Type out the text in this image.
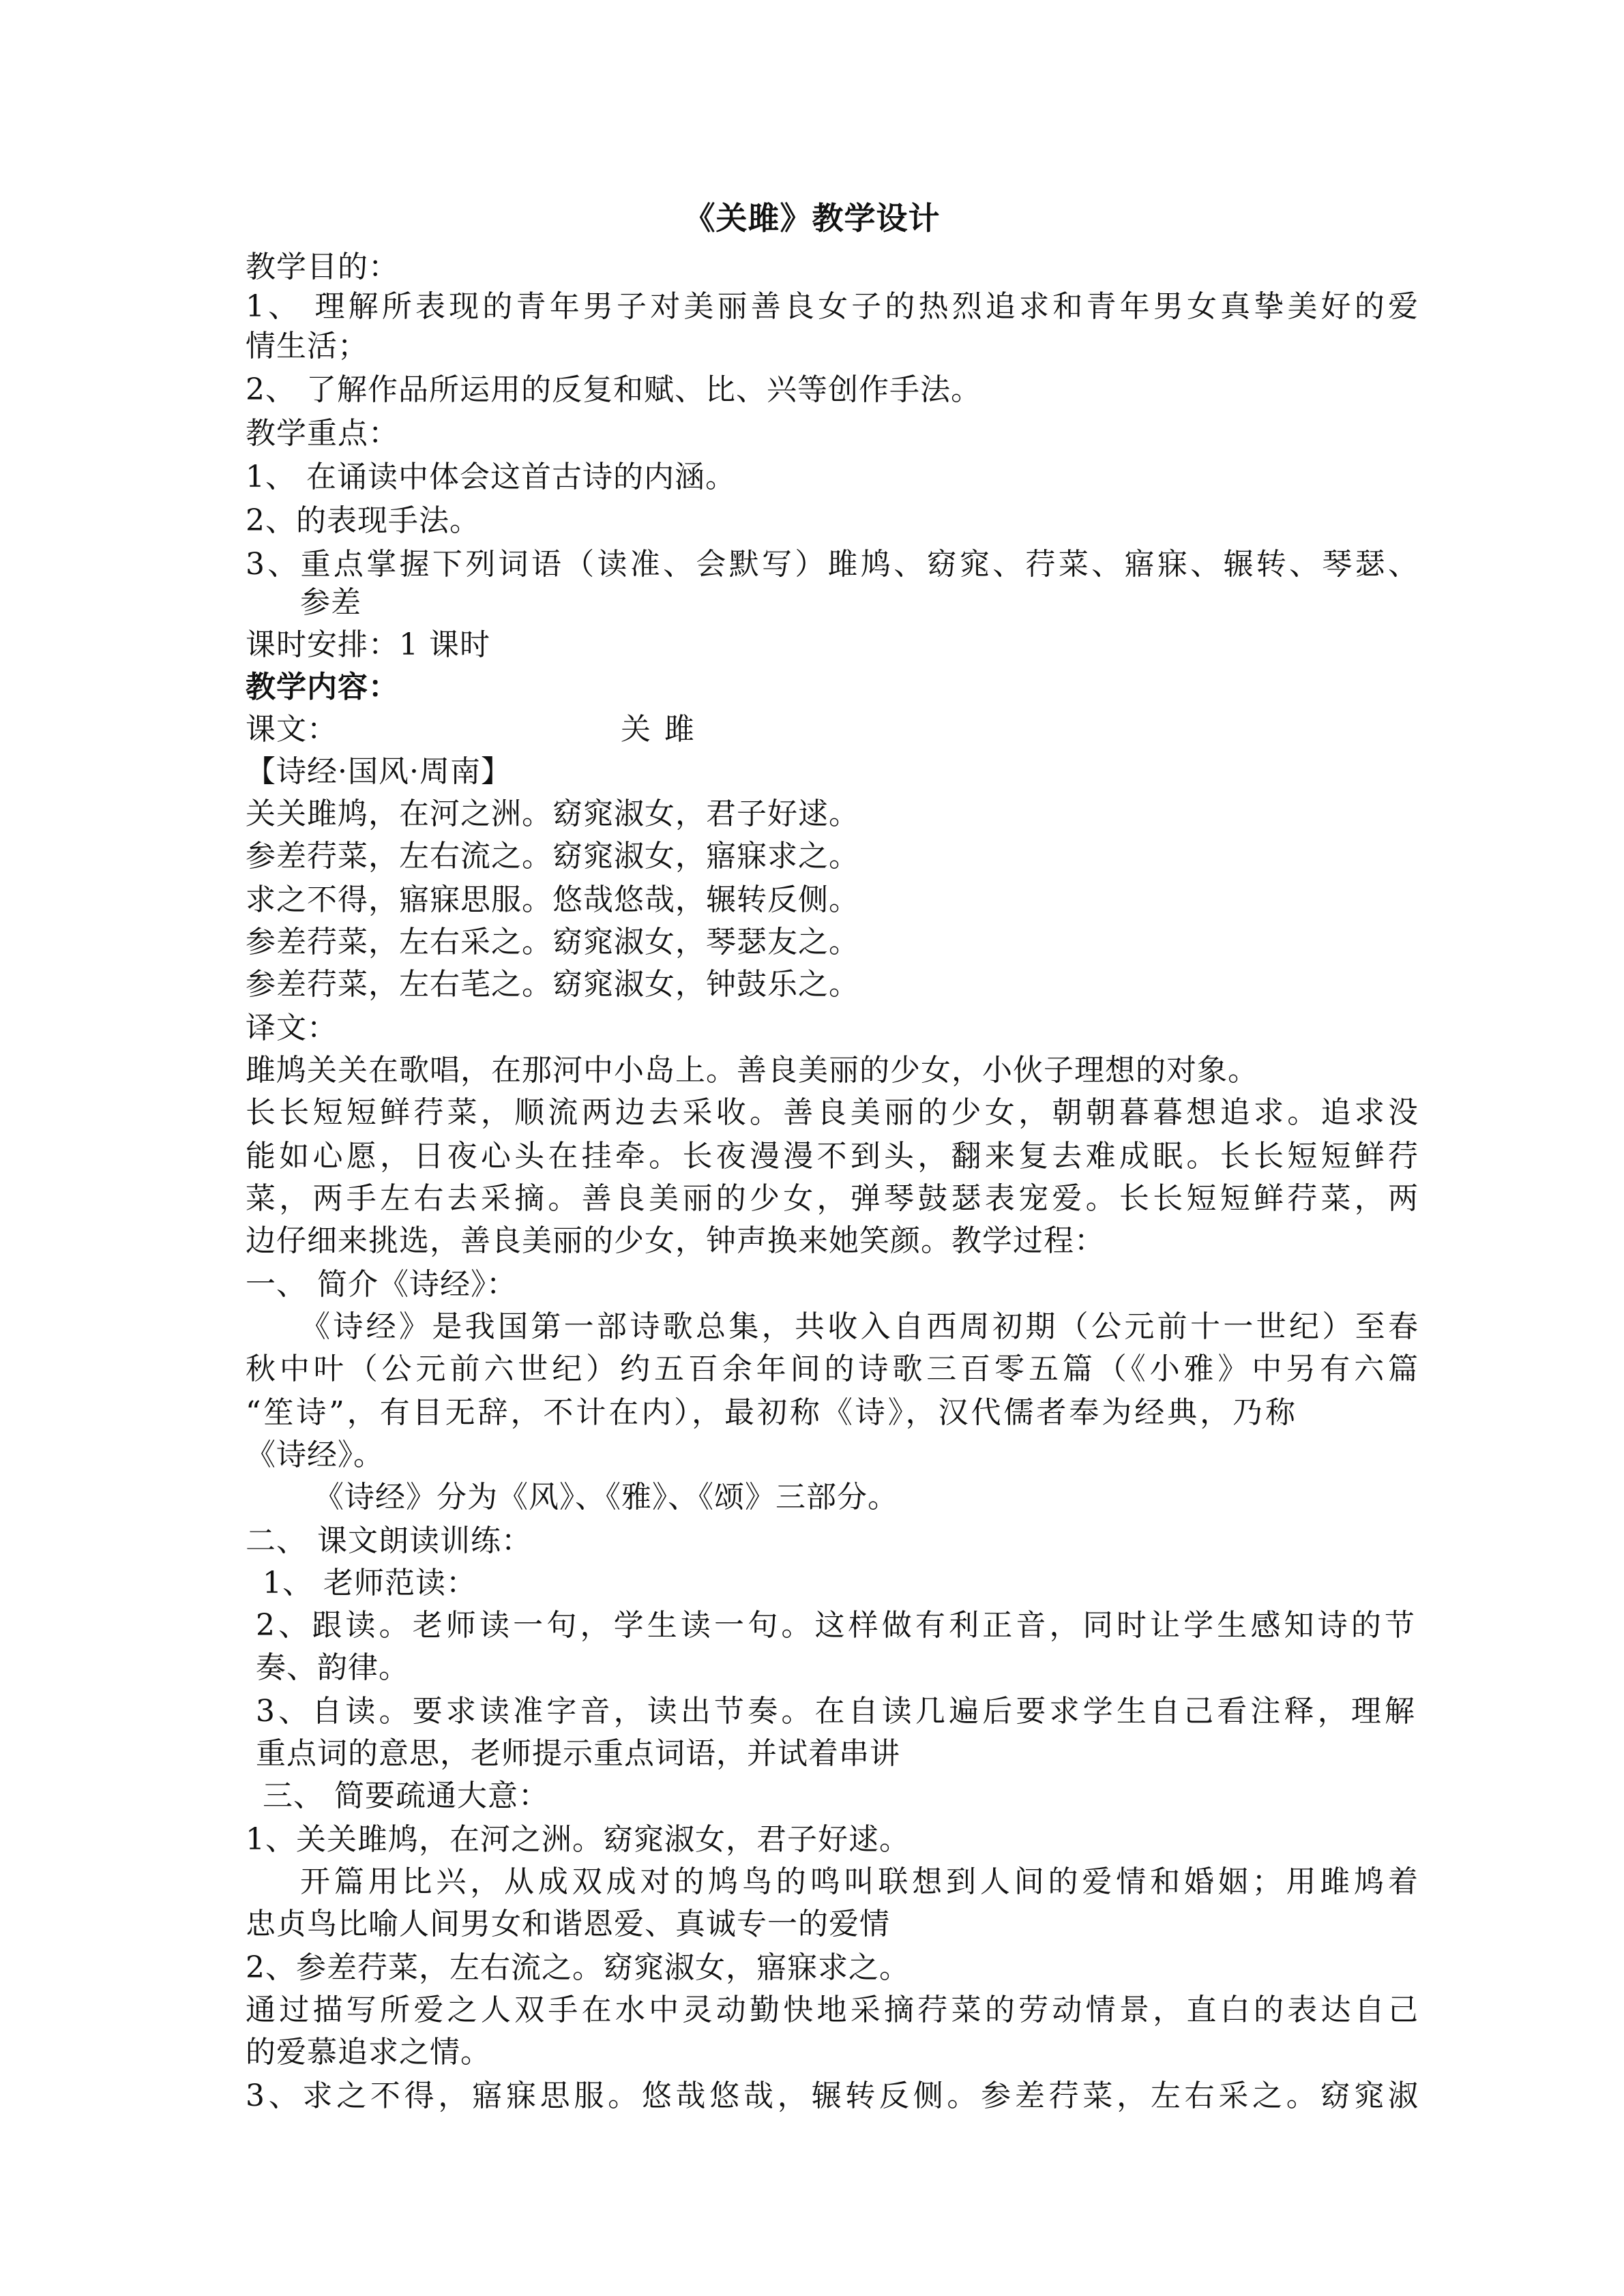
《关雎》教学设计
教学目的：
1、 理解所表现的青年男子对美丽善良女子的热烈追求和青年男女真挚美好的爱
情生活；
2、 了解作品所运用的反复和赋、比、兴等创作手法。
教学重点：
1、 在诵读中体会这首古诗的内涵。
2、的表现手法。
3、重点掌握下列词语（读准、会默写）雎鸠、窈窕、荇菜、寤寐、辗转、琴瑟、
参差
课时安排：1 课时
教学内容：
课文：	关雎
【诗经·国风·周南】
关关雎鸠，在河之洲。窈窕淑女，君子好逑。
参差荇菜，左右流之。窈窕淑女，寤寐求之。
求之不得，寤寐思服。悠哉悠哉，辗转反侧。
参差荇菜，左右采之。窈窕淑女，琴瑟友之。
参差荇菜，左右芼之。窈窕淑女，钟鼓乐之。
译文：
雎鸠关关在歌唱，在那河中小岛上。善良美丽的少女，小伙子理想的对象。
长长短短鲜荇菜，顺流两边去采收。善良美丽的少女，朝朝暮暮想追求。追求没
能如心愿，日夜心头在挂牵。长夜漫漫不到头，翻来复去难成眠。长长短短鲜荇
菜，两手左右去采摘。善良美丽的少女，弹琴鼓瑟表宠爱。长长短短鲜荇菜，两
边仔细来挑选，善良美丽的少女，钟声换来她笑颜。教学过程：
一、 简介《诗经》：
《诗经》是我国第一部诗歌总集，共收入自西周初期（公元前十一世纪）至春
秋中叶（公元前六世纪）约五百余年间的诗歌三百零五篇（《小雅》中另有六篇
“笙诗”，有目无辞，不计在内），最初称《诗》，汉代儒者奉为经典，乃称
《诗经》。
《诗经》分为《风》、《雅》、《颂》三部分。
二、 课文朗读训练：
1、 老师范读：
2、跟读。老师读一句，学生读一句。这样做有利正音，同时让学生感知诗的节
奏、韵律。
3、自读。要求读准字音，读出节奏。在自读几遍后要求学生自己看注释，理解
重点词的意思，老师提示重点词语，并试着串讲
三、 简要疏通大意：
1、关关雎鸠，在河之洲。窈窕淑女，君子好逑。
开篇用比兴，从成双成对的鸠鸟的鸣叫联想到人间的爱情和婚姻；用雎鸠着
忠贞鸟比喻人间男女和谐恩爱、真诚专一的爱情
2、参差荇菜，左右流之。窈窕淑女，寤寐求之。
通过描写所爱之人双手在水中灵动勤快地采摘荇菜的劳动情景，直白的表达自己
的爱慕追求之情。
3、求之不得，寤寐思服。悠哉悠哉，辗转反侧。参差荇菜，左右采之。窈窕淑
